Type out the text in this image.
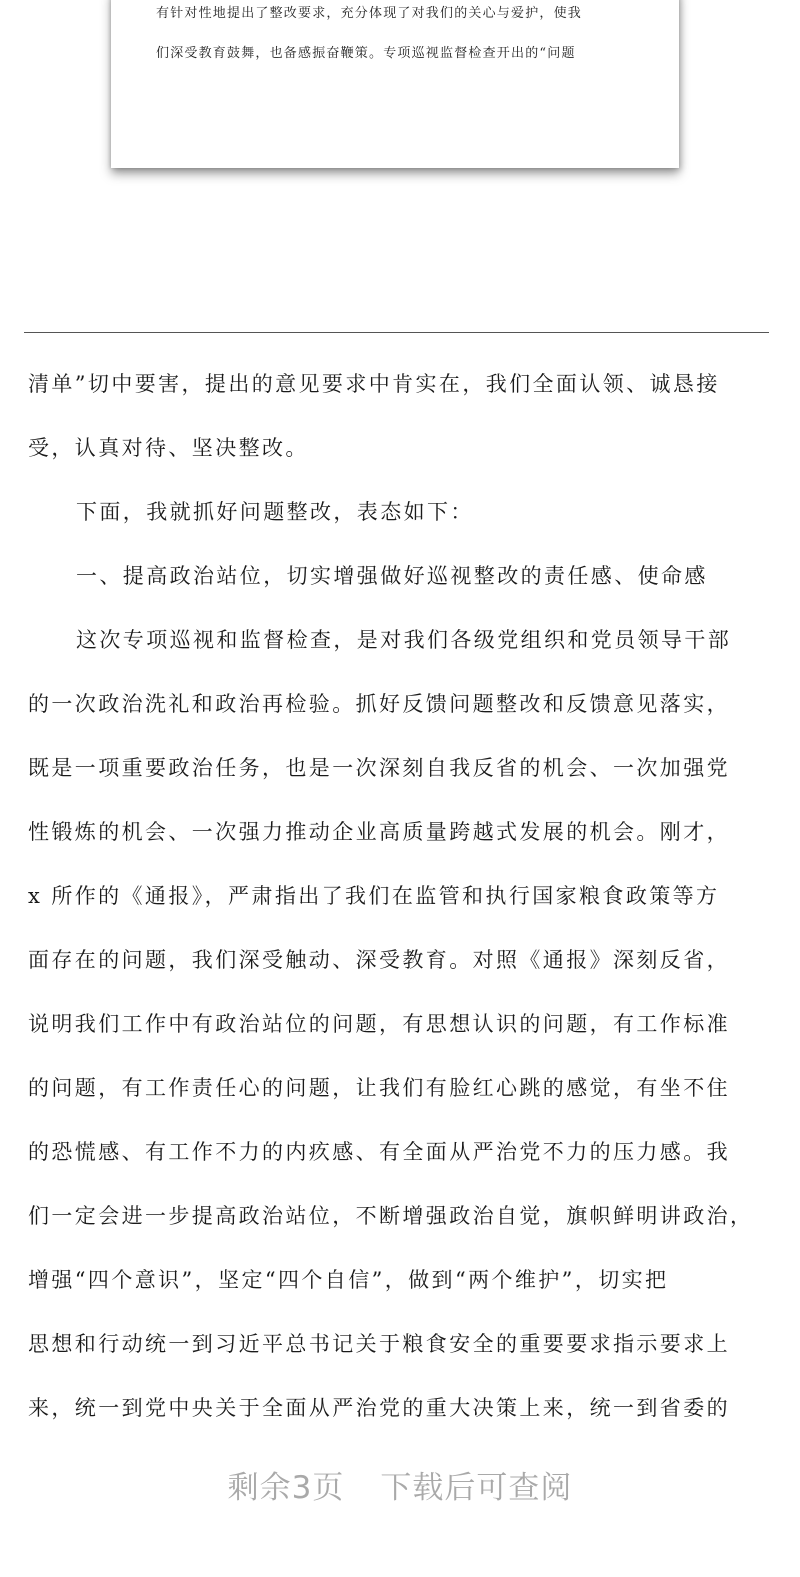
有针对性地提出了整改要求，充分体现了对我们的关心与爱护，使我
们深受教育鼓舞，也备感振奋鞭策。专项巡视监督检查开出的“问题
清单”切中要害，提出的意见要求中肯实在，我们全面认领、诚恳接
受，认真对待、坚决整改。
下面，我就抓好问题整改，表态如下：
一、提高政治站位，切实增强做好巡视整改的责任感、使命感
这次专项巡视和监督检查，是对我们各级党组织和党员领导干部
的一次政治洗礼和政治再检验。抓好反馈问题整改和反馈意见落实，
既是一项重要政治任务，也是一次深刻自我反省的机会、一次加强党
性锻炼的机会、一次强力推动企业高质量跨越式发展的机会。刚才，
x 所作的《通报》，严肃指出了我们在监管和执行国家粮食政策等方
面存在的问题，我们深受触动、深受教育。对照《通报》深刻反省，
说明我们工作中有政治站位的问题，有思想认识的问题，有工作标准
的问题，有工作责任心的问题，让我们有脸红心跳的感觉，有坐不住
的恐慌感、有工作不力的内疚感、有全面从严治党不力的压力感。我
们一定会进一步提高政治站位，不断增强政治自觉，旗帜鲜明讲政治，
增强“四个意识”，坚定“四个自信”，做到“两个维护”，切实把
思想和行动统一到习近平总书记关于粮食安全的重要要求指示要求上
来，统一到党中央关于全面从严治党的重大决策上来，统一到省委的
剩余3页 下载后可查阅
